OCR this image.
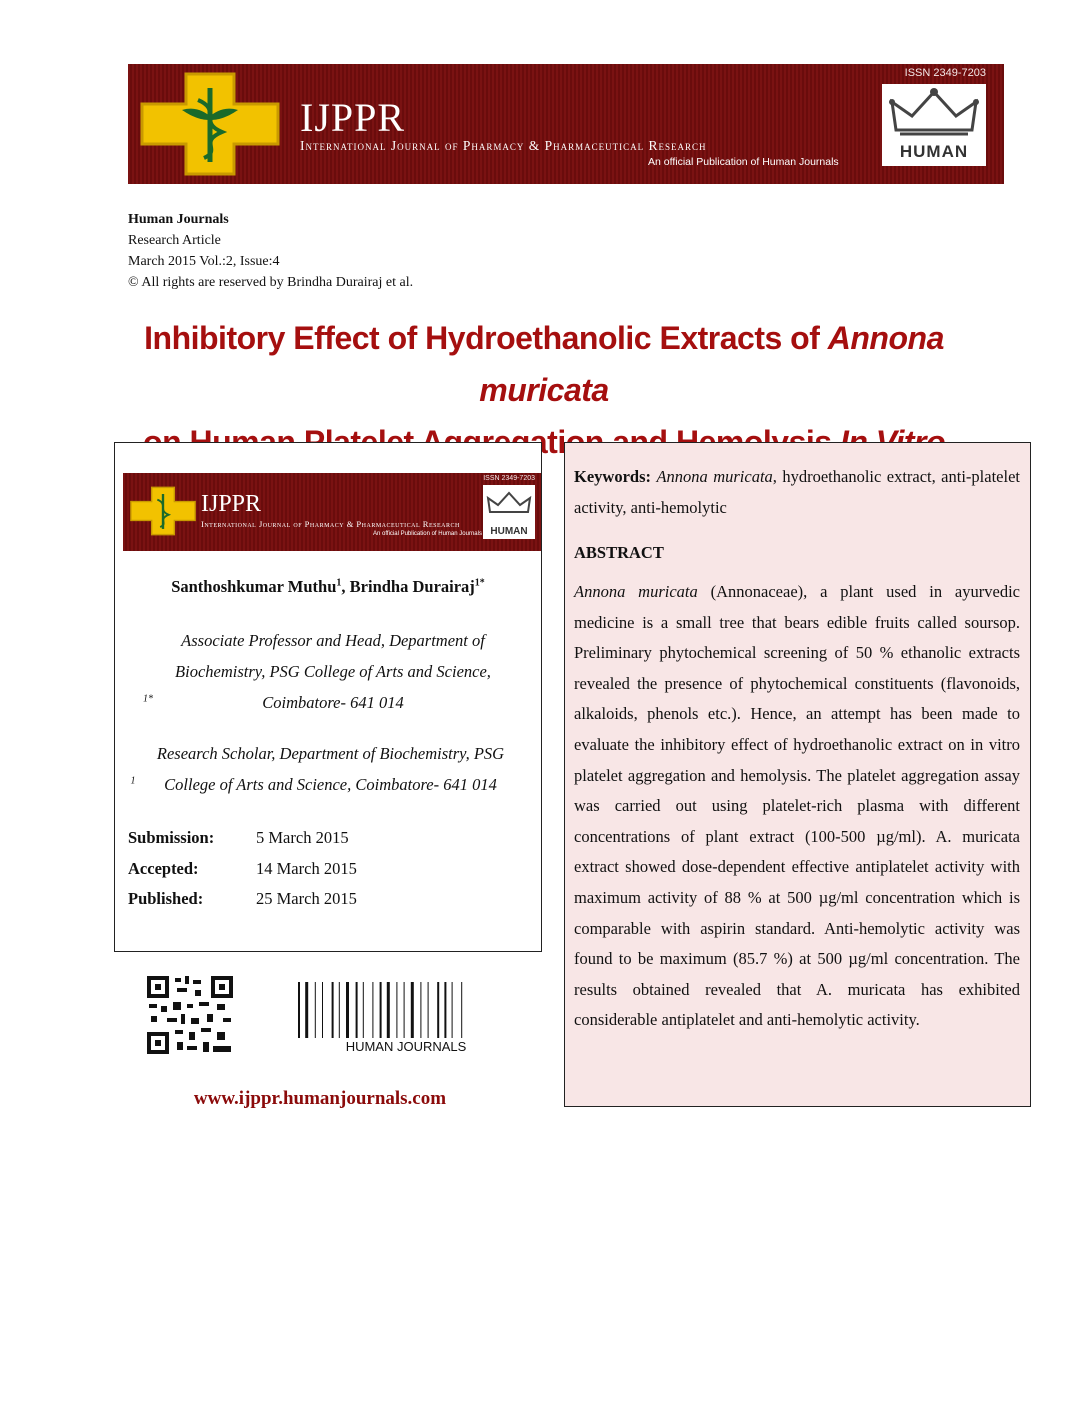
ISSN 2349-7203
IJPPR
International Journal of Pharmacy & Pharmaceutical Research
An official Publication of Human Journals
HUMAN
Human Journals
Research Article
March 2015 Vol.:2, Issue:4
© All rights are reserved by Brindha Durairaj et al.
Inhibitory Effect of Hydroethanolic Extracts of Annona muricata
ISSN 2349-7203
IJPPR
International Journal of Pharmacy & Pharmaceutical Research
An official Publication of Human Journals HUMAN
Santhoshkumar Muthu$^1$, Brindha Durairaj$^{1*}$
$^{1*}$Associate Professor and Head, Department of Biochemistry, PSG College of Arts and Science, Coimbatore- 641 014
$^1$Research Scholar, Department of Biochemistry, PSG College of Arts and Science, Coimbatore- 641 014
Submission:	5 March 2015
Accepted:	14 March 2015
Published:	25 March 2015
HUMAN JOURNALS
www.ijppr.humanjournals.com
Keywords: Annona muricata, hydroethanolic extract, anti-platelet activity, anti-hemolytic
ABSTRACT
Annona muricata (Annonaceae), a plant used in ayurvedic medicine is a small tree that bears edible fruits called soursop. Preliminary phytochemical screening of 50 % ethanolic extracts revealed the presence of phytochemical constituents (flavonoids, alkaloids, phenols etc.). Hence, an attempt has been made to evaluate the inhibitory effect of hydroethanolic extract on in vitro platelet aggregation and hemolysis. The platelet aggregation assay was carried out using platelet-rich plasma with different concentrations of plant extract (100-500 µg/ml). A. muricata extract showed dose-dependent effective antiplatelet activity with maximum activity of 88 % at 500 µg/ml concentration which is comparable with aspirin standard. Anti-hemolytic activity was found to be maximum (85.7 %) at 500 µg/ml concentration. The results obtained revealed that A. muricata has exhibited considerable antiplatelet and anti-hemolytic activity.
